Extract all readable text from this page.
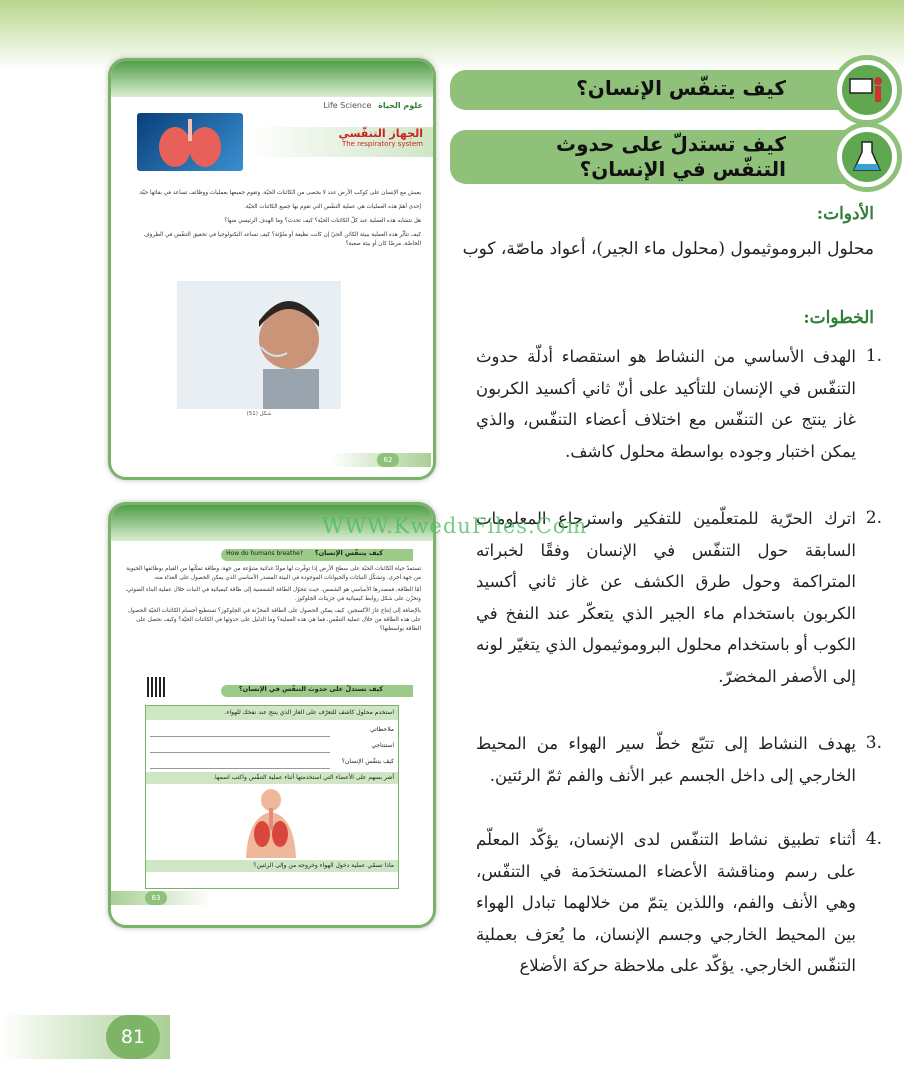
علوم الحياة Life Science
الجهاز التنفّسي
The respiratory system
يعيش مع الإنسان على كوكب الأرض عدد لا يحصى من الكائنات الحيّة، وتقوم جميعها بعمليات ووظائف تساعد في بقائها حيّة.
إحدى أهمّ هذه العمليات هي عملية التنفّس التي تقوم بها جميع الكائنات الحيّة.
هل تتشابه هذه العملية عند كلّ الكائنات الحيّة؟ كيف تحدث؟ وما الهدف الرئيسي منها؟
كيف تتأثّر هذه العملية ببيئة الكائن الحيّ إن كانت نظيفة أو ملوّثة؟ كيف تساعد التكنولوجيا في تحقيق التنفّس في الظروف الخاصّة، مرضًا كان أو بيئة صعبة؟
شكل (51)
62
كيف يتنفّس الإنسان؟
How do humans breathe?
تستمدّ حياة الكائنات الحيّة على سطح الأرض إذا توفّرت لها موادّ غذائية متنوّعة من جهة، وطاقة تمكّنها من القيام بوظائفها الحيوية من جهة أخرى. وتشكّل النباتات والحيوانات الموجودة في البيئة المصدر الأساسي الذي يمكن الحصول على الغذاء منه.
أمّا الطاقة، فمصدرها الأساسي هو الشمس، حيث تتحوّل الطاقة الشمسية إلى طاقة كيميائية في النبات خلال عملية البناء الضوئي، وتخزّن على شكل روابط كيميائية في جزيئات الجلوكوز.
بالإضافة إلى إنتاج غاز الأكسجين. كيف يمكن الحصول على الطاقة المخزّنة في الجلوكوز؟ تستطيع أجسام الكائنات الحيّة الحصول على هذه الطاقة من خلال عملية التنفّس، فما هي هذه العملية؟ وما الدليل على حدوثها في الكائنات الحيّة؟ وكيف نحصل على الطاقة بواسطتها؟
كيف تستدلّ على حدوث التنفّس في الإنسان؟
استخدم محلول كاشف للتعرّف على الغاز الذي ينتج عند نفخك للهواء.
ملاحظاتي
استنتاجي
كيف يتنفّس الإنسان؟
أشر بسهم على الأعضاء التي استخدمتها أثناء عملية التنفّس واكتب اسمها.
ماذا تسمّي عملية دخول الهواء وخروجه من وإلى الرئتين؟
63
كيف يتنفّس الإنسان؟
كيف تستدلّ على حدوث التنفّس في الإنسان؟
الأدوات:
محلول البروموثيمول (محلول ماء الجير)، أعواد ماصّة، كوب
الخطوات:
.1
الهدف الأساسي من النشاط هو استقصاء أدلّة حدوث التنفّس في الإنسان للتأكيد على أنّ ثاني أكسيد الكربون غاز ينتج عن التنفّس مع اختلاف أعضاء التنفّس، والذي يمكن اختبار وجوده بواسطة محلول كاشف.
.2
اترك الحرّية للمتعلّمين للتفكير واسترجاع المعلومات السابقة حول التنفّس في الإنسان وفقًا لخبراته المتراكمة وحول طرق الكشف عن غاز ثاني أكسيد الكربون باستخدام ماء الجير الذي يتعكّر عند النفخ في الكوب أو باستخدام محلول البروموثيمول الذي يتغيّر لونه إلى الأصفر المخضرّ.
.3
يهدف النشاط إلى تتبّع خطّ سير الهواء من المحيط الخارجي إلى داخل الجسم عبر الأنف والفم ثمّ الرئتين.
.4
أثناء تطبيق نشاط التنفّس لدى الإنسان، يؤكّد المعلّم على رسم ومناقشة الأعضاء المستخدَمة في التنفّس، وهي الأنف والفم، واللذين يتمّ من خلالهما تبادل الهواء بين المحيط الخارجي وجسم الإنسان، ما يُعرَف بعملية التنفّس الخارجي. يؤكّد على ملاحظة حركة الأضلاع
WWW.KweduFiles.Com
81
